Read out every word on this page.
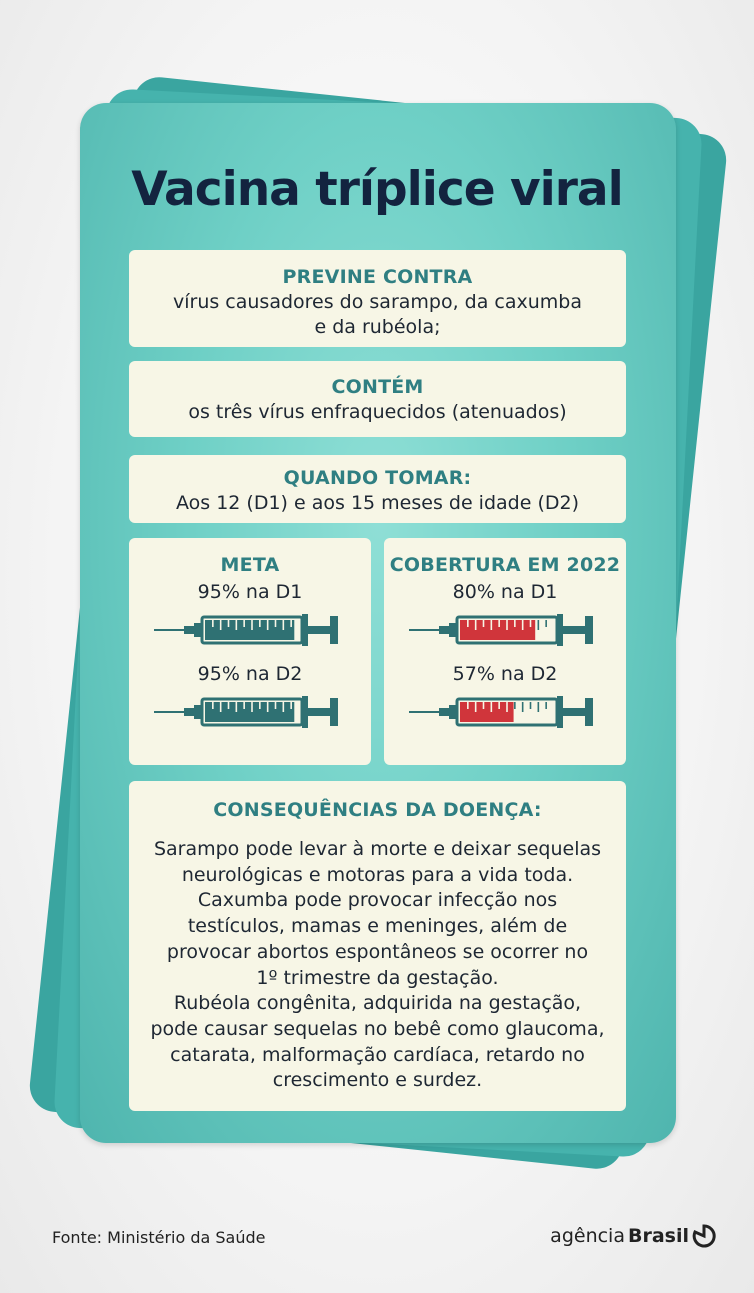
Vacina tríplice viral
PREVINE CONTRA
vírus causadores do sarampo, da caxumba
e da rubéola;
CONTÉM
os três vírus enfraquecidos (atenuados)
QUANDO TOMAR:
Aos 12 (D1) e aos 15 meses de idade (D2)
META
95% na D1
95% na D2
COBERTURA EM 2022
80% na D1
57% na D2
CONSEQUÊNCIAS DA DOENÇA:
Sarampo pode levar à morte e deixar sequelas
neurológicas e motoras para a vida toda.
Caxumba pode provocar infecção nos
testículos, mamas e meninges, além de
provocar abortos espontâneos se ocorrer no
1º trimestre da gestação.
Rubéola congênita, adquirida na gestação,
pode causar sequelas no bebê como glaucoma,
catarata, malformação cardíaca, retardo no
crescimento e surdez.
Fonte: Ministério da Saúde	agência Brasil
